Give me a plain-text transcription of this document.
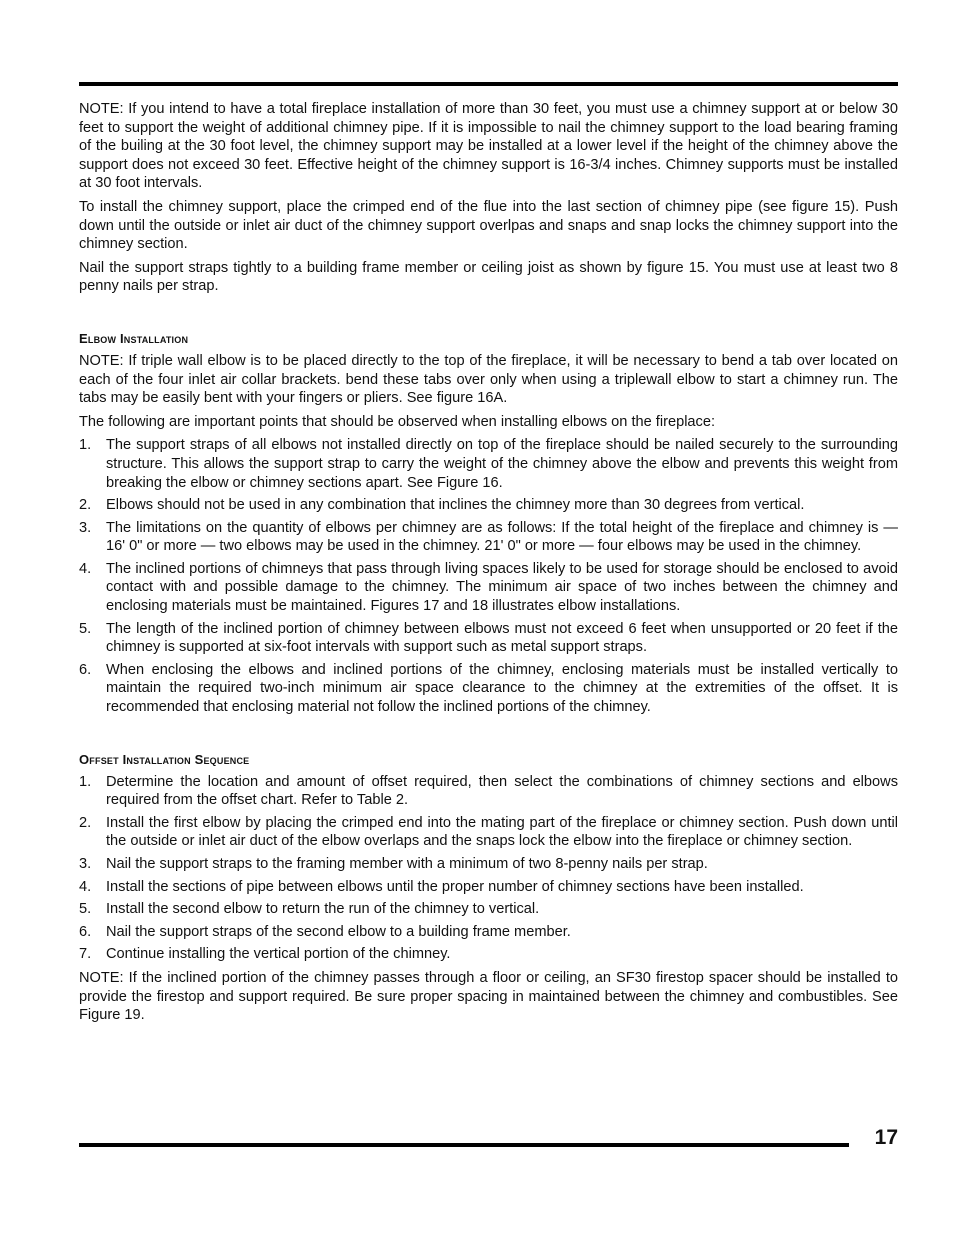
NOTE: If you intend to have a total fireplace installation of more than 30 feet, you must use a chimney support at or below 30 feet to support the weight of additional chimney pipe. If it is impossible to nail the chimney support to the load bearing framing of the builing at the 30 foot level, the chimney support may be installed at a lower level if the height of the chimney above the support does not exceed 30 feet. Effective height of the chimney support is 16-3/4 inches. Chimney supports must be installed at 30 foot intervals.

To install the chimney support, place the crimped end of the flue into the last section of chimney pipe (see figure 15). Push down until the outside or inlet air duct of the chimney support overlpas and snaps and snap locks the chimney support into the chimney section.

Nail the support straps tightly to a building frame member or ceiling joist as shown by figure 15. You must use at least two 8 penny nails per strap.

Elbow Installation

NOTE: If triple wall elbow is to be placed directly to the top of the fireplace, it will be necessary to bend a tab over located on each of the four inlet air collar brackets. bend these tabs over only when using a triplewall elbow to start a chimney run. The tabs may be easily bent with your fingers or pliers. See figure 16A.

The following are important points that should be observed when installing elbows on the fireplace:

1. The support straps of all elbows not installed directly on top of the fireplace should be nailed securely to the surrounding structure. This allows the support strap to carry the weight of the chimney above the elbow and prevents this weight from breaking the elbow or chimney sections apart. See Figure 16.
2. Elbows should not be used in any combination that inclines the chimney more than 30 degrees from vertical.
3. The limitations on the quantity of elbows per chimney are as follows: If the total height of the fireplace and chimney is — 16' 0" or more — two elbows may be used in the chimney. 21' 0" or more — four elbows may be used in the chimney.
4. The inclined portions of chimneys that pass through living spaces likely to be used for storage should be enclosed to avoid contact with and possible damage to the chimney. The minimum air space of two inches between the chimney and enclosing materials must be maintained. Figures 17 and 18 illustrates elbow installations.
5. The length of the inclined portion of chimney between elbows must not exceed 6 feet when unsupported or 20 feet if the chimney is supported at six-foot intervals with support such as metal support straps.
6. When enclosing the elbows and inclined portions of the chimney, enclosing materials must be installed vertically to maintain the required two-inch minimum air space clearance to the chimney at the extremities of the offset. It is recommended that enclosing material not follow the inclined portions of the chimney.
Offset Installation Sequence
1. Determine the location and amount of offset required, then select the combinations of chimney sections and elbows required from the offset chart. Refer to Table 2.
2. Install the first elbow by placing the crimped end into the mating part of the fireplace or chimney section. Push down until the outside or inlet air duct of the elbow overlaps and the snaps lock the elbow into the fireplace or chimney section.
3. Nail the support straps to the framing member with a minimum of two 8-penny nails per strap.
4. Install the sections of pipe between elbows until the proper number of chimney sections have been installed.
5. Install the second elbow to return the run of the chimney to vertical.
6. Nail the support straps of the second elbow to a building frame member.
7. Continue installing the vertical portion of the chimney.

NOTE: If the inclined portion of the chimney passes through a floor or ceiling, an SF30 firestop spacer should be installed to provide the firestop and support required. Be sure proper spacing in maintained between the chimney and combustibles. See Figure 19.

17
